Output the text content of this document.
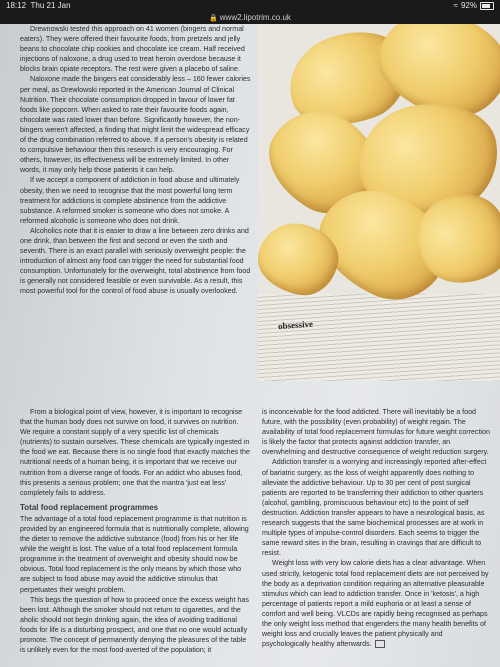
18:12 Thu 21 Jan	≈ 92%
🔒 www2.lipotrim.co.uk
obsessive

Drewnowski tested this approach on 41 women (bingers and normal eaters). They were offered their favourite foods, from pretzels and jelly beans to chocolate chip cookies and chocolate ice cream. Half received injections of naloxone, a drug used to treat heroin overdose because it blocks brain opiate receptors. The rest were given a placebo of saline.

Naloxone made the bingers eat considerably less – 160 fewer calories per meal, as Drewlowski reported in the American Journal of Clinical Nutrition. Their chocolate consumption dropped in favour of lower fat foods like popcorn. When asked to rate their favourite foods again, chocolate was rated lower than before. Significantly however, the non-bingers weren't affected, a finding that might limit the widespread efficacy of the drug combination referred to above. If a person's obesity is related to compulsive behaviour then this research is very encouraging. For others, however, its effectiveness will be extremely limited. In other words, it may only help those patients it can help.

If we accept a component of addiction in food abuse and ultimately obesity, then we need to recognise that the most powerful long term treatment for addictions is complete abstinence from the addictive substance. A reformed smoker is someone who does not smoke. A reformed alcoholic is someone who does not drink.

Alcoholics note that it is easier to draw a line between zero drinks and one drink, than between the first and second or even the sixth and seventh. There is an exact parallel with seriously overweight people: the introduction of almost any food can trigger the need for substantial food consumption. Unfortunately for the overweight, total abstinence from food is generally not considered feasible or even survivable. As a result, this most powerful tool for the control of food abuse is usually overlooked.

From a biological point of view, however, it is important to recognise that the human body does not survive on food, it survives on nutrition. We require a constant supply of a very specific list of chemicals (nutrients) to sustain ourselves. These chemicals are typically ingested in the food we eat. Because there is no single food that exactly matches the nutritional needs of a human being, it is important that we receive our nutrition from a diverse range of foods. For an addict who abuses food, this presents a serious problem; one that the mantra 'just eat less' completely fails to address.

Total food replacement programmes

The advantage of a total food replacement programme is that nutrition is provided by an engineered formula that is nutritionally complete, allowing the dieter to remove the addictive substance (food) from his or her life while the weight is lost. The value of a total food replacement formula programme in the treatment of overweight and obesity should now be obvious. Total food replacement is the only means by which those who are subject to food abuse may avoid the addictive stimulus that perpetuates their weight problem.

This begs the question of how to proceed once the excess weight has been lost. Although the smoker should not return to cigarettes, and the aholic should not begin drinking again, the idea of avoiding traditional foods for life is a disturbing prospect, and one that no one would actually promote. The concept of permanently denying the pleasures of the table is unlikely even for the most food-averted of the population; it

is inconceivable for the food addicted. There will inevitably be a food future, with the possibility (even probability) of weight regain. The availability of total food replacement formulas for future weight correction is likely the factor that protects against addiction transfer, an overwhelming and destructive consequence of weight reduction surgery.

Addiction transfer is a worrying and increasingly reported after-effect of bariatric surgery, as the loss of weight apparently does nothing to alleviate the addictive behaviour. Up to 30 per cent of post surgical patients are reported to be transferring their addiction to other quarters (alcohol, gambling, promiscuous behaviour etc) to the point of self destruction. Addiction transfer appears to have a neurological basis, as research suggests that the same biochemical processes are at work in multiple types of impulse-control disorders. Each seems to trigger the same reward sites in the brain, resulting in cravings that are difficult to resist.

Weight loss with very low calorie diets has a clear advantage. When used strictly, ketogenic total food replacement diets are not perceived by the body as a deprivation condition requiring an alternative pleasurable stimulus which can lead to addiction transfer. Once in 'ketosis', a high percentage of patients report a mild euphoria or at least a sense of comfort and well being. VLCDs are rapidly being recognised as perhaps the only weight loss method that engenders the many health benefits of weight loss and crucially leaves the patient physically and psychologically healthy afterwards.
